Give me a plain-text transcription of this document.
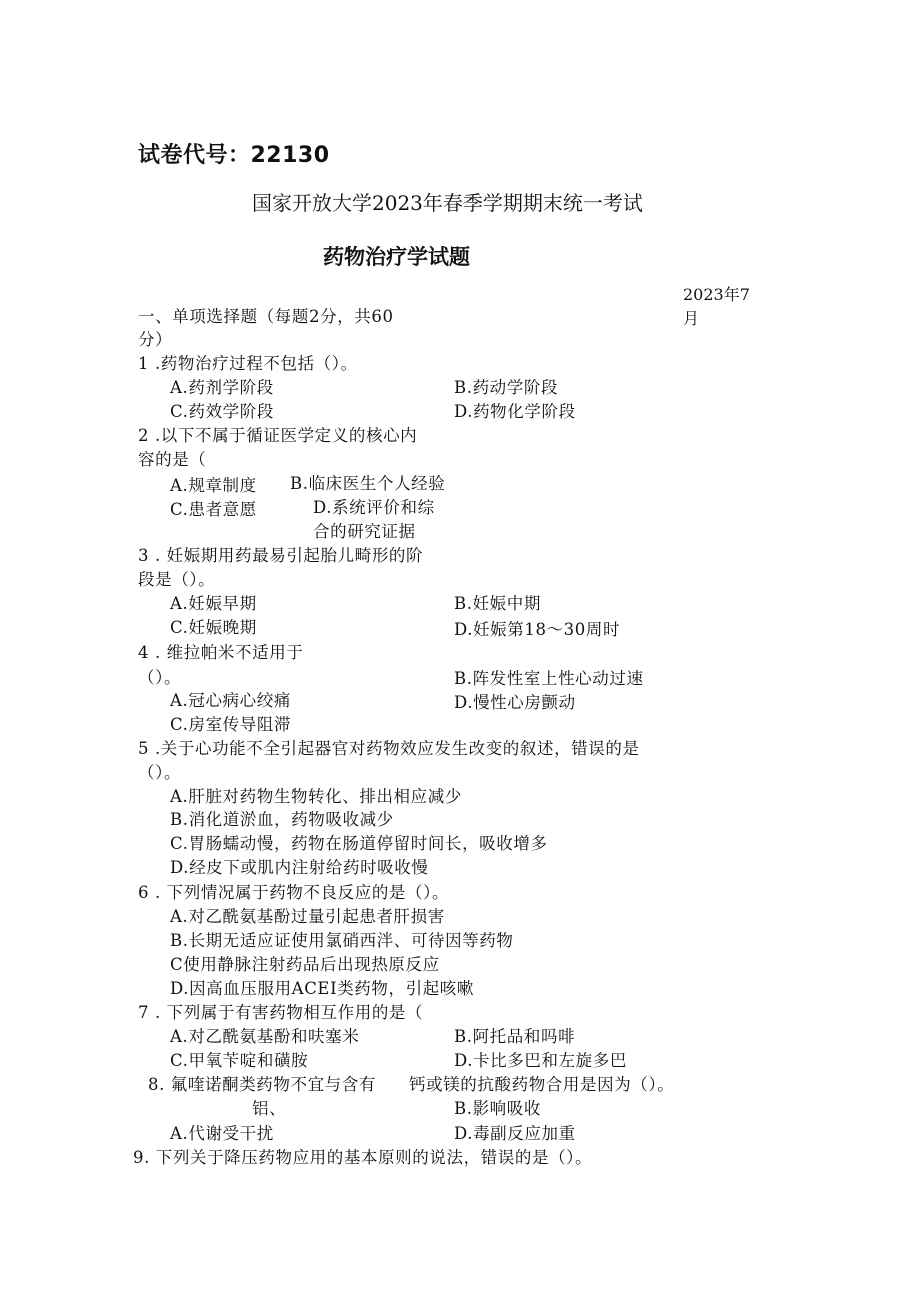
试卷代号：22130
国家开放大学2023年春季学期期末统一考试
药物治疗学试题
2023年7
月
一、单项选择题（每题2分，共60
分）
1 .药物治疗过程不包括（）。
A.药剂学阶段	B.药动学阶段
C.药效学阶段	D.药物化学阶段
2 .以下不属于循证医学定义的核心内
容的是（
A.规章制度 B.临床医生个人经验
C.患者意愿	D.系统评价和综
合的研究证据
3 . 妊娠期用药最易引起胎儿畸形的阶
段是（）。
A.妊娠早期	B.妊娠中期
C.妊娠晚期	D.妊娠第18～30周时
4 . 维拉帕米不适用于
（）。	B.阵发性室上性心动过速
A.冠心病心绞痛	D.慢性心房颤动
C.房室传导阻滞
5 .关于心功能不全引起器官对药物效应发生改变的叙述，错误的是
（）。
A.肝脏对药物生物转化、排出相应减少
B.消化道淤血，药物吸收减少
C.胃肠蠕动慢，药物在肠道停留时间长，吸收增多
D.经皮下或肌内注射给药时吸收慢
6 . 下列情况属于药物不良反应的是（）。
A.对乙酰氨基酚过量引起患者肝损害
B.长期无适应证使用氯硝西泮、可待因等药物
C使用静脉注射药品后出现热原反应
D.因高血压服用ACEI类药物，引起咳嗽
7 . 下列属于有害药物相互作用的是（
A.对乙酰氨基酚和呋塞米	B.阿托品和吗啡
C.甲氧苄啶和磺胺	D.卡比多巴和左旋多巴
8. 氟喹诺酮类药物不宜与含有 钙或镁的抗酸药物合用是因为（）。
铝、	B.影响吸收
A.代谢受干扰	D.毒副反应加重
9. 下列关于降压药物应用的基本原则的说法，错误的是（）。
